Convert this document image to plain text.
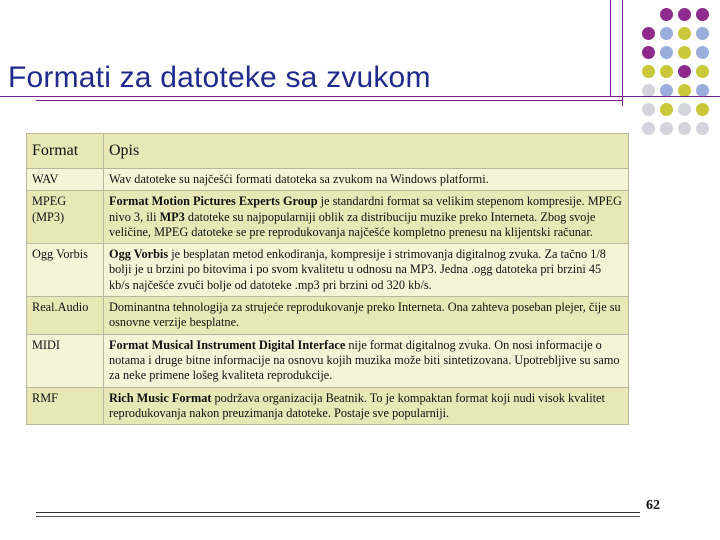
Formati za datoteke sa zvukom
Format	Opis
WAV	Wav datoteke su najčešći formati datoteka sa zvukom na Windows platformi.
MPEG (MP3)	Format Motion Pictures Experts Group je standardni format sa velikim stepenom kompresije. MPEG nivo 3, ili MP3 datoteke su najpopularniji oblik za distribuciju muzike preko Interneta. Zbog svoje veličine, MPEG datoteke se pre reprodukovanja najčešće kompletno prenesu na klijentski računar.
Ogg Vorbis	Ogg Vorbis je besplatan metod enkodiranja, kompresije i strimovanja digitalnog zvuka. Za tačno 1/8 bolji je u brzini po bitovima i po svom kvalitetu u odnosu na MP3. Jedna .ogg datoteka pri brzini 45 kb/s najčešće zvuči bolje od datoteke .mp3 pri brzini od 320 kb/s.
Real.Audio	Dominantna tehnologija za strujeće reprodukovanje preko Interneta. Ona zahteva poseban plejer, čije su osnovne verzije besplatne.
MIDI	Format Musical Instrument Digital Interface nije format digitalnog zvuka. On nosi informacije o notama i druge bitne informacije na osnovu kojih muzika može biti sintetizovana. Upotrebljive su samo za neke primene lošeg kvaliteta reprodukcije.
RMF	Rich Music Format podržava organizacija Beatnik. To je kompaktan format koji nudi visok kvalitet reprodukovanja nakon preuzimanja datoteke. Postaje sve popularniji.
62
